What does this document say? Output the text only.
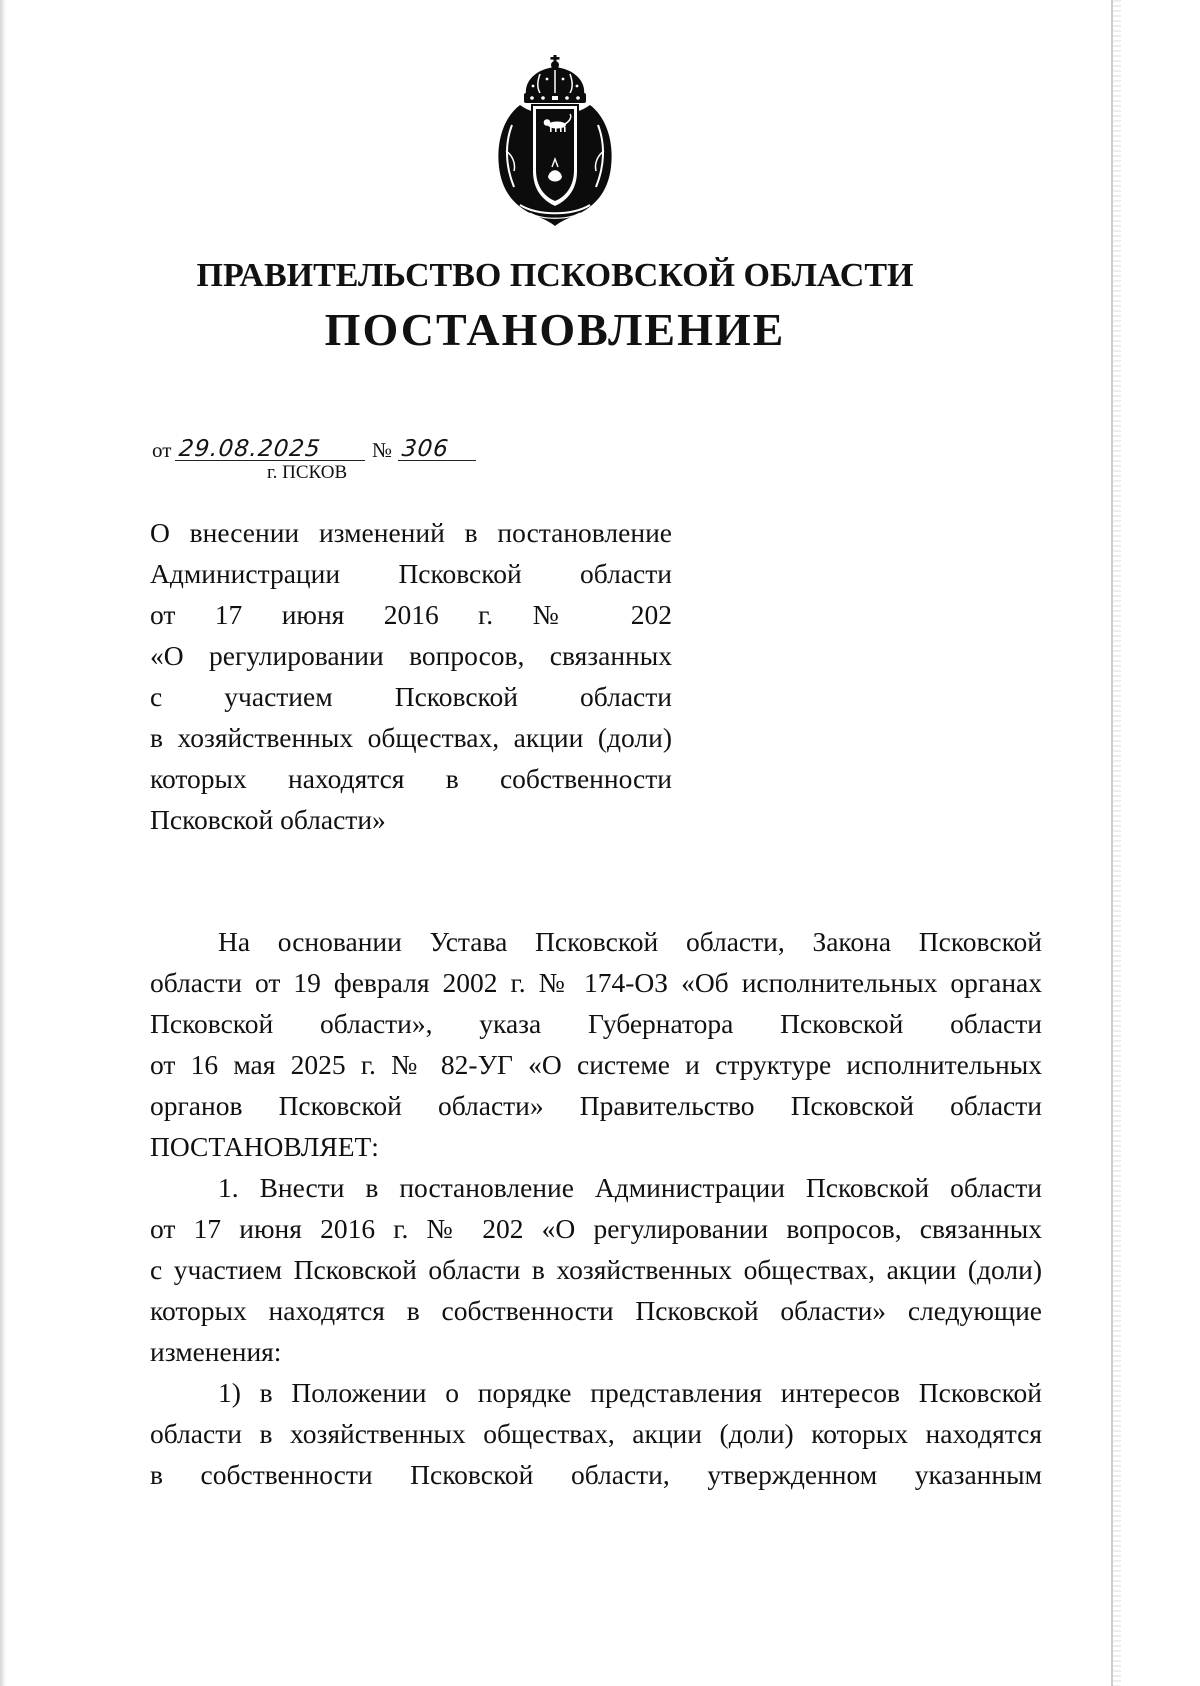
ПРАВИТЕЛЬСТВО ПСКОВСКОЙ ОБЛАСТИ
ПОСТАНОВЛЕНИЕ
от 29.08.2025 № 306
г. ПСКОВ
О внесении изменений в постановление
Администрации Псковской области
от 17 июня 2016 г. № 202
«О регулировании вопросов, связанных
с участием Псковской области
в хозяйственных обществах, акции (доли)
которых находятся в собственности
Псковской области»
На основании Устава Псковской области, Закона Псковской
области от 19 февраля 2002 г. № 174-ОЗ «Об исполнительных органах
Псковской области», указа Губернатора Псковской области
от 16 мая 2025 г. № 82-УГ «О системе и структуре исполнительных
органов Псковской области» Правительство Псковской области
ПОСТАНОВЛЯЕТ:
1. Внести в постановление Администрации Псковской области
от 17 июня 2016 г. № 202 «О регулировании вопросов, связанных
с участием Псковской области в хозяйственных обществах, акции (доли)
которых находятся в собственности Псковской области» следующие
изменения:
1) в Положении о порядке представления интересов Псковской
области в хозяйственных обществах, акции (доли) которых находятся
в собственности Псковской области, утвержденном указанным
